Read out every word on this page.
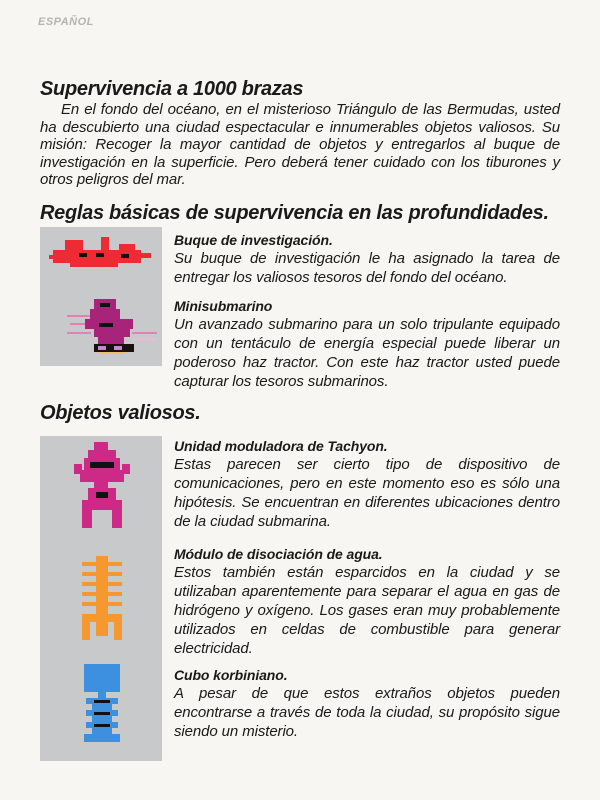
ESPAÑOL
Supervivencia a 1000 brazas

En el fondo del océano, en el misterioso Triángulo de las Bermudas, usted ha descubierto una ciudad espectacular e innumerables objetos valiosos. Su misión: Recoger la mayor cantidad de objetos y entregarlos al buque de investigación en la superficie. Pero deberá tener cuidado con los tiburones y otros peligros del mar.

Reglas básicas de supervivencia en las profundidades.
Buque de investigación.

Su buque de investigación le ha asignado la tarea de entregar los valiosos tesoros del fondo del océano.

Minisubmarino

Un avanzado submarino para un solo tripulante equipado con un tentáculo de energía especial puede liberar un poderoso haz tractor. Con este haz tractor usted puede capturar los tesoros submarinos.

Objetos valiosos.
Unidad moduladora de Tachyon.

Estas parecen ser cierto tipo de dispositivo de comunicaciones, pero en este momento eso es sólo una hipótesis. Se encuentran en diferentes ubicaciones dentro de la ciudad submarina.

Módulo de disociación de agua.

Estos también están esparcidos en la ciudad y se utilizaban aparentemente para separar el agua en gas de hidrógeno y oxígeno. Los gases eran muy probablemente utilizados en celdas de combustible para generar electricidad.

Cubo korbiniano.

A pesar de que estos extraños objetos pueden encontrarse a través de toda la ciudad, su propósito sigue siendo un misterio.
